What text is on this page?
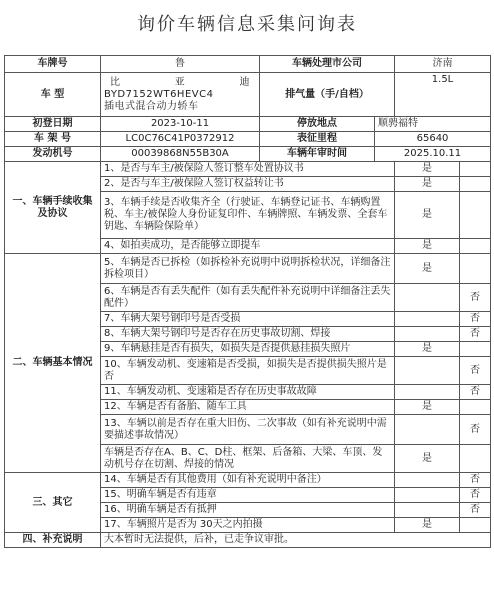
询价车辆信息采集问询表
车牌号	鲁	车辆处理市公司		济南	
车 型	比 亚 迪
BYD7152WT6HEVC4
插电式混合动力轿车	排气量（手/自档）		1.5L	
初登日期	2023-10-11	停放地点	顺骋福特		
车 架 号	LC0C76C41P0372912	表征里程	65640		
发动机号	00039868N55B30A	车辆年审时间	2025.10.11		
一、车辆手续收集及协议	1、是否与车主/被保险人签订整车处置协议书			是	
	2、是否与车主/被保险人签订权益转让书			是	
	3、车辆手续是否收集齐全（行驶证、车辆登记证书、车辆购置税、车主/被保险人身份证复印件、车辆牌照、车辆发票、全套车钥匙、车辆险保险单）			是	
	4、如拍卖成功，是否能够立即提车			是	
二、车辆基本情况	5、车辆是否已拆检（如拆检补充说明中说明拆检状况，详细备注拆检项目）			是	
	6、车辆是否有丢失配件（如有丢失配件补充说明中详细备注丢失配件）				否
	7、车辆大架号钢印号是否受损				否
	8、车辆大架号钢印号是否存在历史事故切割、焊接				否
	9、车辆悬挂是否有损失，如损失是否提供悬挂损失照片			是	
	10、车辆发动机、变速箱是否受损，如损失是否提供损失照片是否				否
	11、车辆发动机、变速箱是否存在历史事故故障				否
	12、车辆是否有备胎、随车工具			是	
	13、车辆以前是否存在重大旧伤、二次事故（如有补充说明中需要描述事故情况）				否
	车辆是否存在A、B、C、D柱、框架、后备箱、大梁、车顶、发动机号存在切割、焊接的情况			是	
三、其它	14、车辆是否有其他费用（如有补充说明中备注）				否
	15、明确车辆是否有违章				否
	16、明确车辆是否有抵押				否
	17、车辆照片是否为 30天之内拍摄			是	
四、补充说明	大本暂时无法提供，后补，已走争议审批。				
